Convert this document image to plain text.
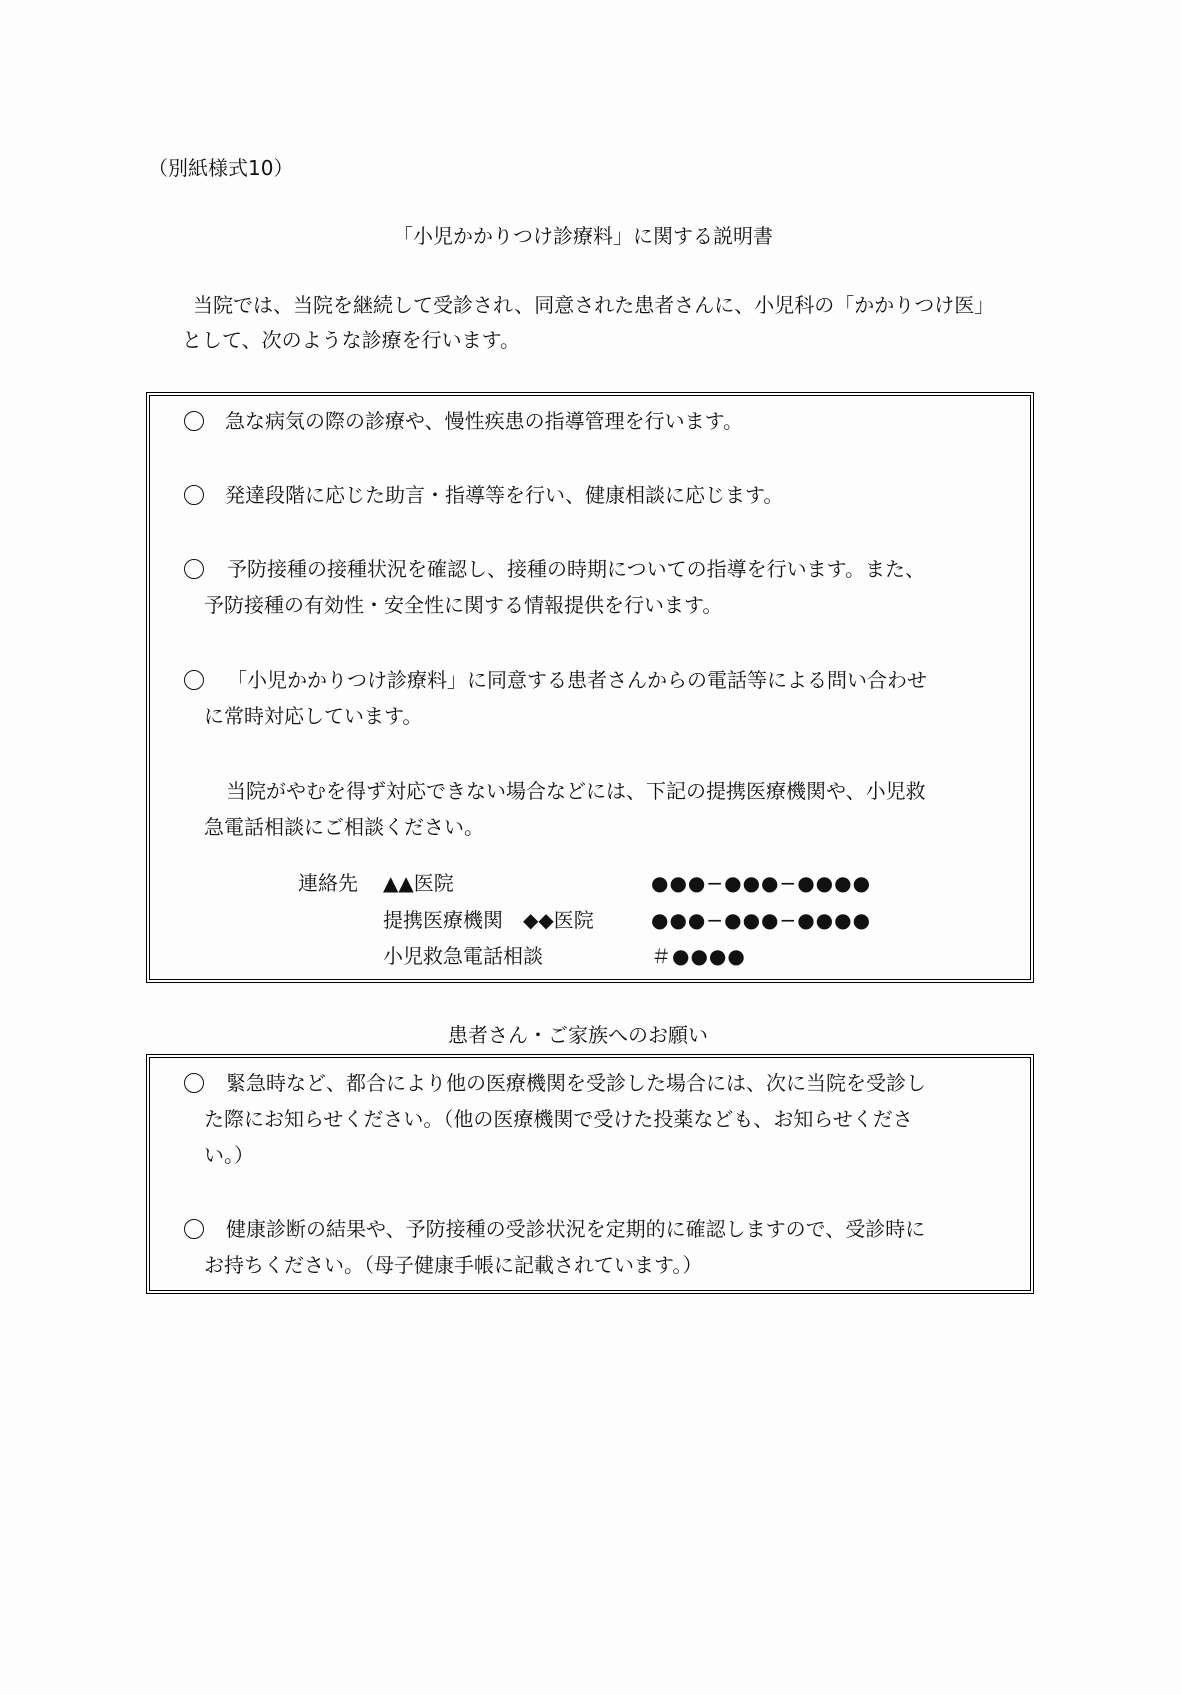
（別紙様式10）
「小児かかりつけ診療料」に関する説明書
当院では、当院を継続して受診され、同意された患者さんに、小児科の「かかりつけ医」
として、次のような診療を行います。
急な病気の際の診療や、慢性疾患の指導管理を行います。
発達段階に応じた助言・指導等を行い、健康相談に応じます。
予防接種の接種状況を確認し、接種の時期についての指導を行います。また、
予防接種の有効性・安全性に関する情報提供を行います。
「小児かかりつけ診療料」に同意する患者さんからの電話等による問い合わせ
に常時対応しています。
当院がやむを得ず対応できない場合などには、下記の提携医療機関や、小児救
急電話相談にご相談ください。
連絡先 ▲▲医院	●●●−●●●−●●●●
提携医療機関　◆◆医院	●●●−●●●−●●●●
小児救急電話相談	＃●●●●
患者さん・ご家族へのお願い
緊急時など、都合により他の医療機関を受診した場合には、次に当院を受診し
た際にお知らせください。（他の医療機関で受けた投薬なども、お知らせくださ
い。）
健康診断の結果や、予防接種の受診状況を定期的に確認しますので、受診時に
お持ちください。（母子健康手帳に記載されています。）
